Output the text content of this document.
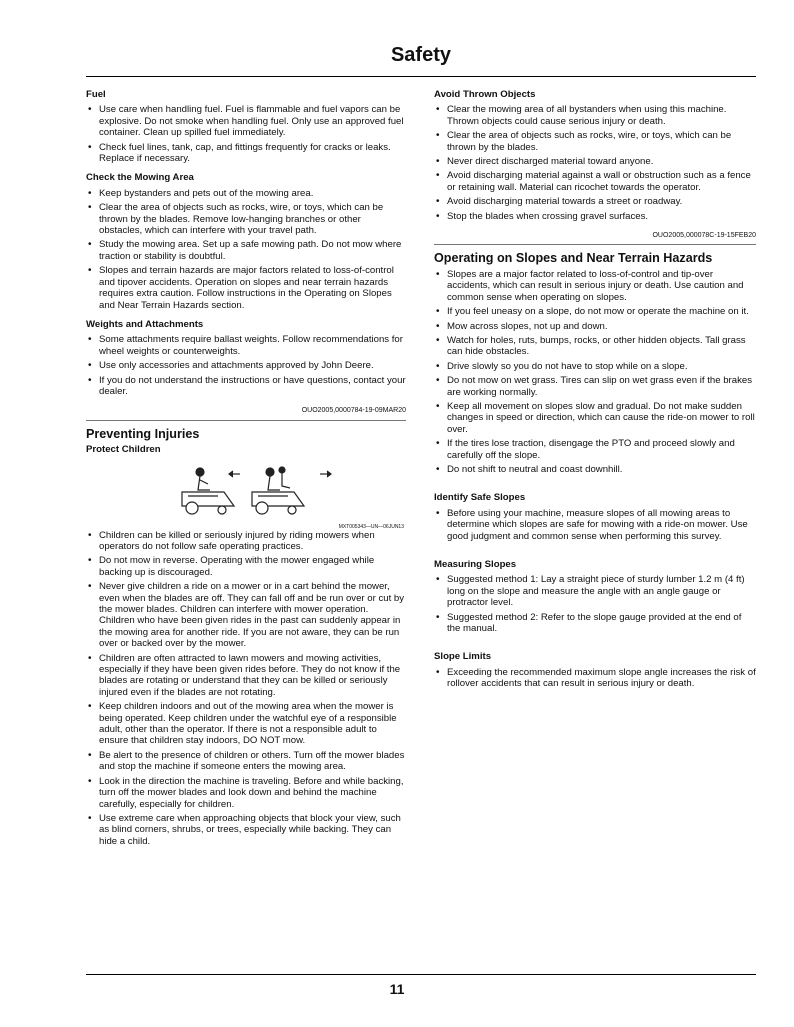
Safety
Fuel
• Use care when handling fuel. Fuel is flammable and fuel vapors can be explosive. Do not smoke when handling fuel. Only use an approved fuel container. Clean up spilled fuel immediately.
• Check fuel lines, tank, cap, and fittings frequently for cracks or leaks. Replace if necessary.
Check the Mowing Area
• Keep bystanders and pets out of the mowing area.
• Clear the area of objects such as rocks, wire, or toys, which can be thrown by the blades. Remove low-hanging branches or other obstacles, which can interfere with your travel path.
• Study the mowing area. Set up a safe mowing path. Do not mow where traction or stability is doubtful.
• Slopes and terrain hazards are major factors related to loss-of-control and tipover accidents. Operation on slopes and near terrain hazards requires extra caution. Follow instructions in the Operating on Slopes and Near Terrain Hazards section.
Weights and Attachments
• Some attachments require ballast weights. Follow recommendations for wheel weights or counterweights.
• Use only accessories and attachments approved by John Deere.
• If you do not understand the instructions or have questions, contact your dealer.
OUO2005,0000784-19-09MAR20
Preventing Injuries
Protect Children
MXT005343—UN—06JUN13
• Children can be killed or seriously injured by riding mowers when operators do not follow safe operating practices.
• Do not mow in reverse. Operating with the mower engaged while backing up is discouraged.
• Never give children a ride on a mower or in a cart behind the mower, even when the blades are off. They can fall off and be run over or cut by the mower blades. Children can interfere with mower operation. Children who have been given rides in the past can suddenly appear in the mowing area for another ride. If you are not aware, they can be run over or backed over by the mower.
• Children are often attracted to lawn mowers and mowing activities, especially if they have been given rides before. They do not know if the blades are rotating or understand that they can be killed or seriously injured even if the blades are not rotating.
• Keep children indoors and out of the mowing area when the mower is being operated. Keep children under the watchful eye of a responsible adult, other than the operator. If there is not a responsible adult to ensure that children stay indoors, DO NOT mow.
• Be alert to the presence of children or others. Turn off the mower blades and stop the machine if someone enters the mowing area.
• Look in the direction the machine is traveling. Before and while backing, turn off the mower blades and look down and behind the machine carefully, especially for children.
• Use extreme care when approaching objects that block your view, such as blind corners, shrubs, or trees, especially while backing. They can hide a child.
Avoid Thrown Objects
• Clear the mowing area of all bystanders when using this machine. Thrown objects could cause serious injury or death.
• Clear the area of objects such as rocks, wire, or toys, which can be thrown by the blades.
• Never direct discharged material toward anyone.
• Avoid discharging material against a wall or obstruction such as a fence or retaining wall. Material can ricochet towards the operator.
• Avoid discharging material towards a street or roadway.
• Stop the blades when crossing gravel surfaces.
OUO2005,000078C-19-15FEB20
Operating on Slopes and Near Terrain Hazards
• Slopes are a major factor related to loss-of-control and tip-over accidents, which can result in serious injury or death. Use caution and common sense when operating on slopes.
• If you feel uneasy on a slope, do not mow or operate the machine on it.
• Mow across slopes, not up and down.
• Watch for holes, ruts, bumps, rocks, or other hidden objects. Tall grass can hide obstacles.
• Drive slowly so you do not have to stop while on a slope.
• Do not mow on wet grass. Tires can slip on wet grass even if the brakes are working normally.
• Keep all movement on slopes slow and gradual. Do not make sudden changes in speed or direction, which can cause the ride-on mower to roll over.
• If the tires lose traction, disengage the PTO and proceed slowly and carefully off the slope.
• Do not shift to neutral and coast downhill.
Identify Safe Slopes
• Before using your machine, measure slopes of all mowing areas to determine which slopes are safe for mowing with a ride-on mower. Use good judgment and common sense when performing this survey.
Measuring Slopes
• Suggested method 1: Lay a straight piece of sturdy lumber 1.2 m (4 ft) long on the slope and measure the angle with an angle gauge or protractor level.
• Suggested method 2: Refer to the slope gauge provided at the end of the manual.
Slope Limits
• Exceeding the recommended maximum slope angle increases the risk of rollover accidents that can result in serious injury or death.
11
